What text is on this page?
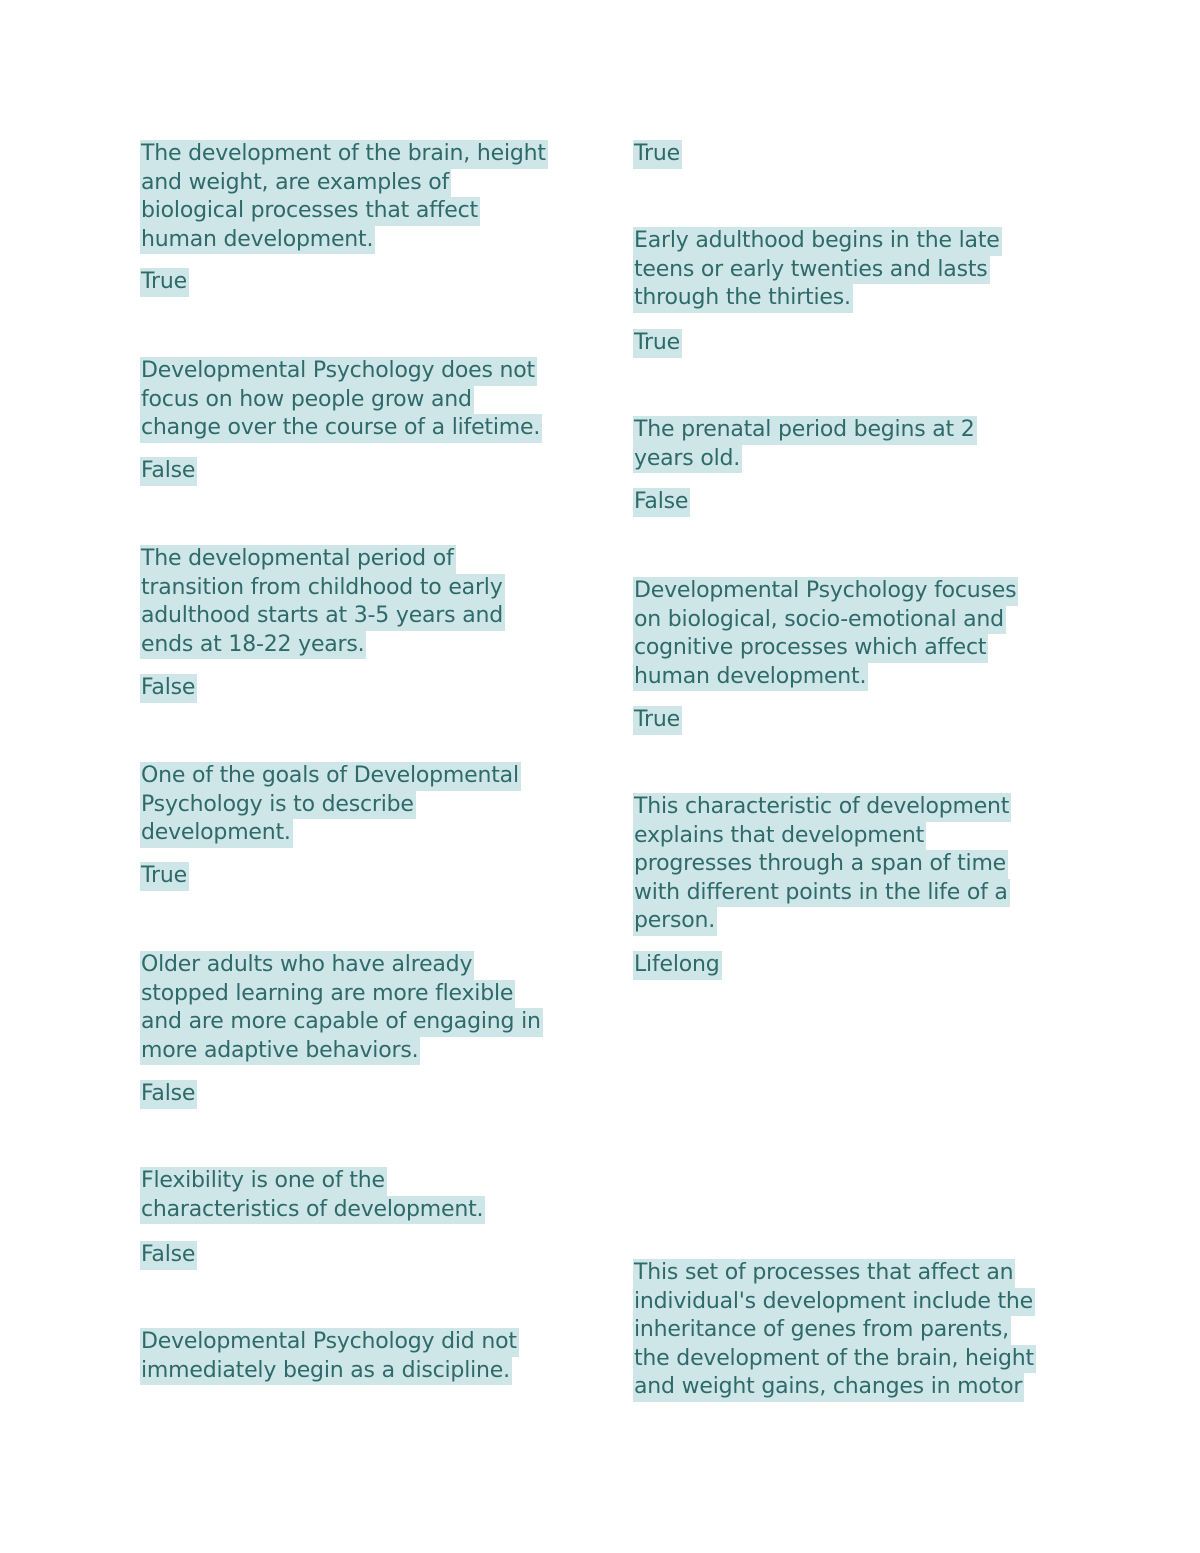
The development of the brain, height
and weight, are examples of
biological processes that affect
human development.
True
Developmental Psychology does not
focus on how people grow and
change over the course of a lifetime.
False
The developmental period of
transition from childhood to early
adulthood starts at 3-5 years and
ends at 18-22 years.
False
One of the goals of Developmental
Psychology is to describe
development.
True
Older adults who have already
stopped learning are more flexible
and are more capable of engaging in
more adaptive behaviors.
False
Flexibility is one of the
characteristics of development.
False
Developmental Psychology did not
immediately begin as a discipline.
True
Early adulthood begins in the late
teens or early twenties and lasts
through the thirties.
True
The prenatal period begins at 2
years old.
False
Developmental Psychology focuses
on biological, socio-emotional and
cognitive processes which affect
human development.
True
This characteristic of development
explains that development
progresses through a span of time
with different points in the life of a
person.
Lifelong
This set of processes that affect an
individual's development include the
inheritance of genes from parents,
the development of the brain, height
and weight gains, changes in motor
